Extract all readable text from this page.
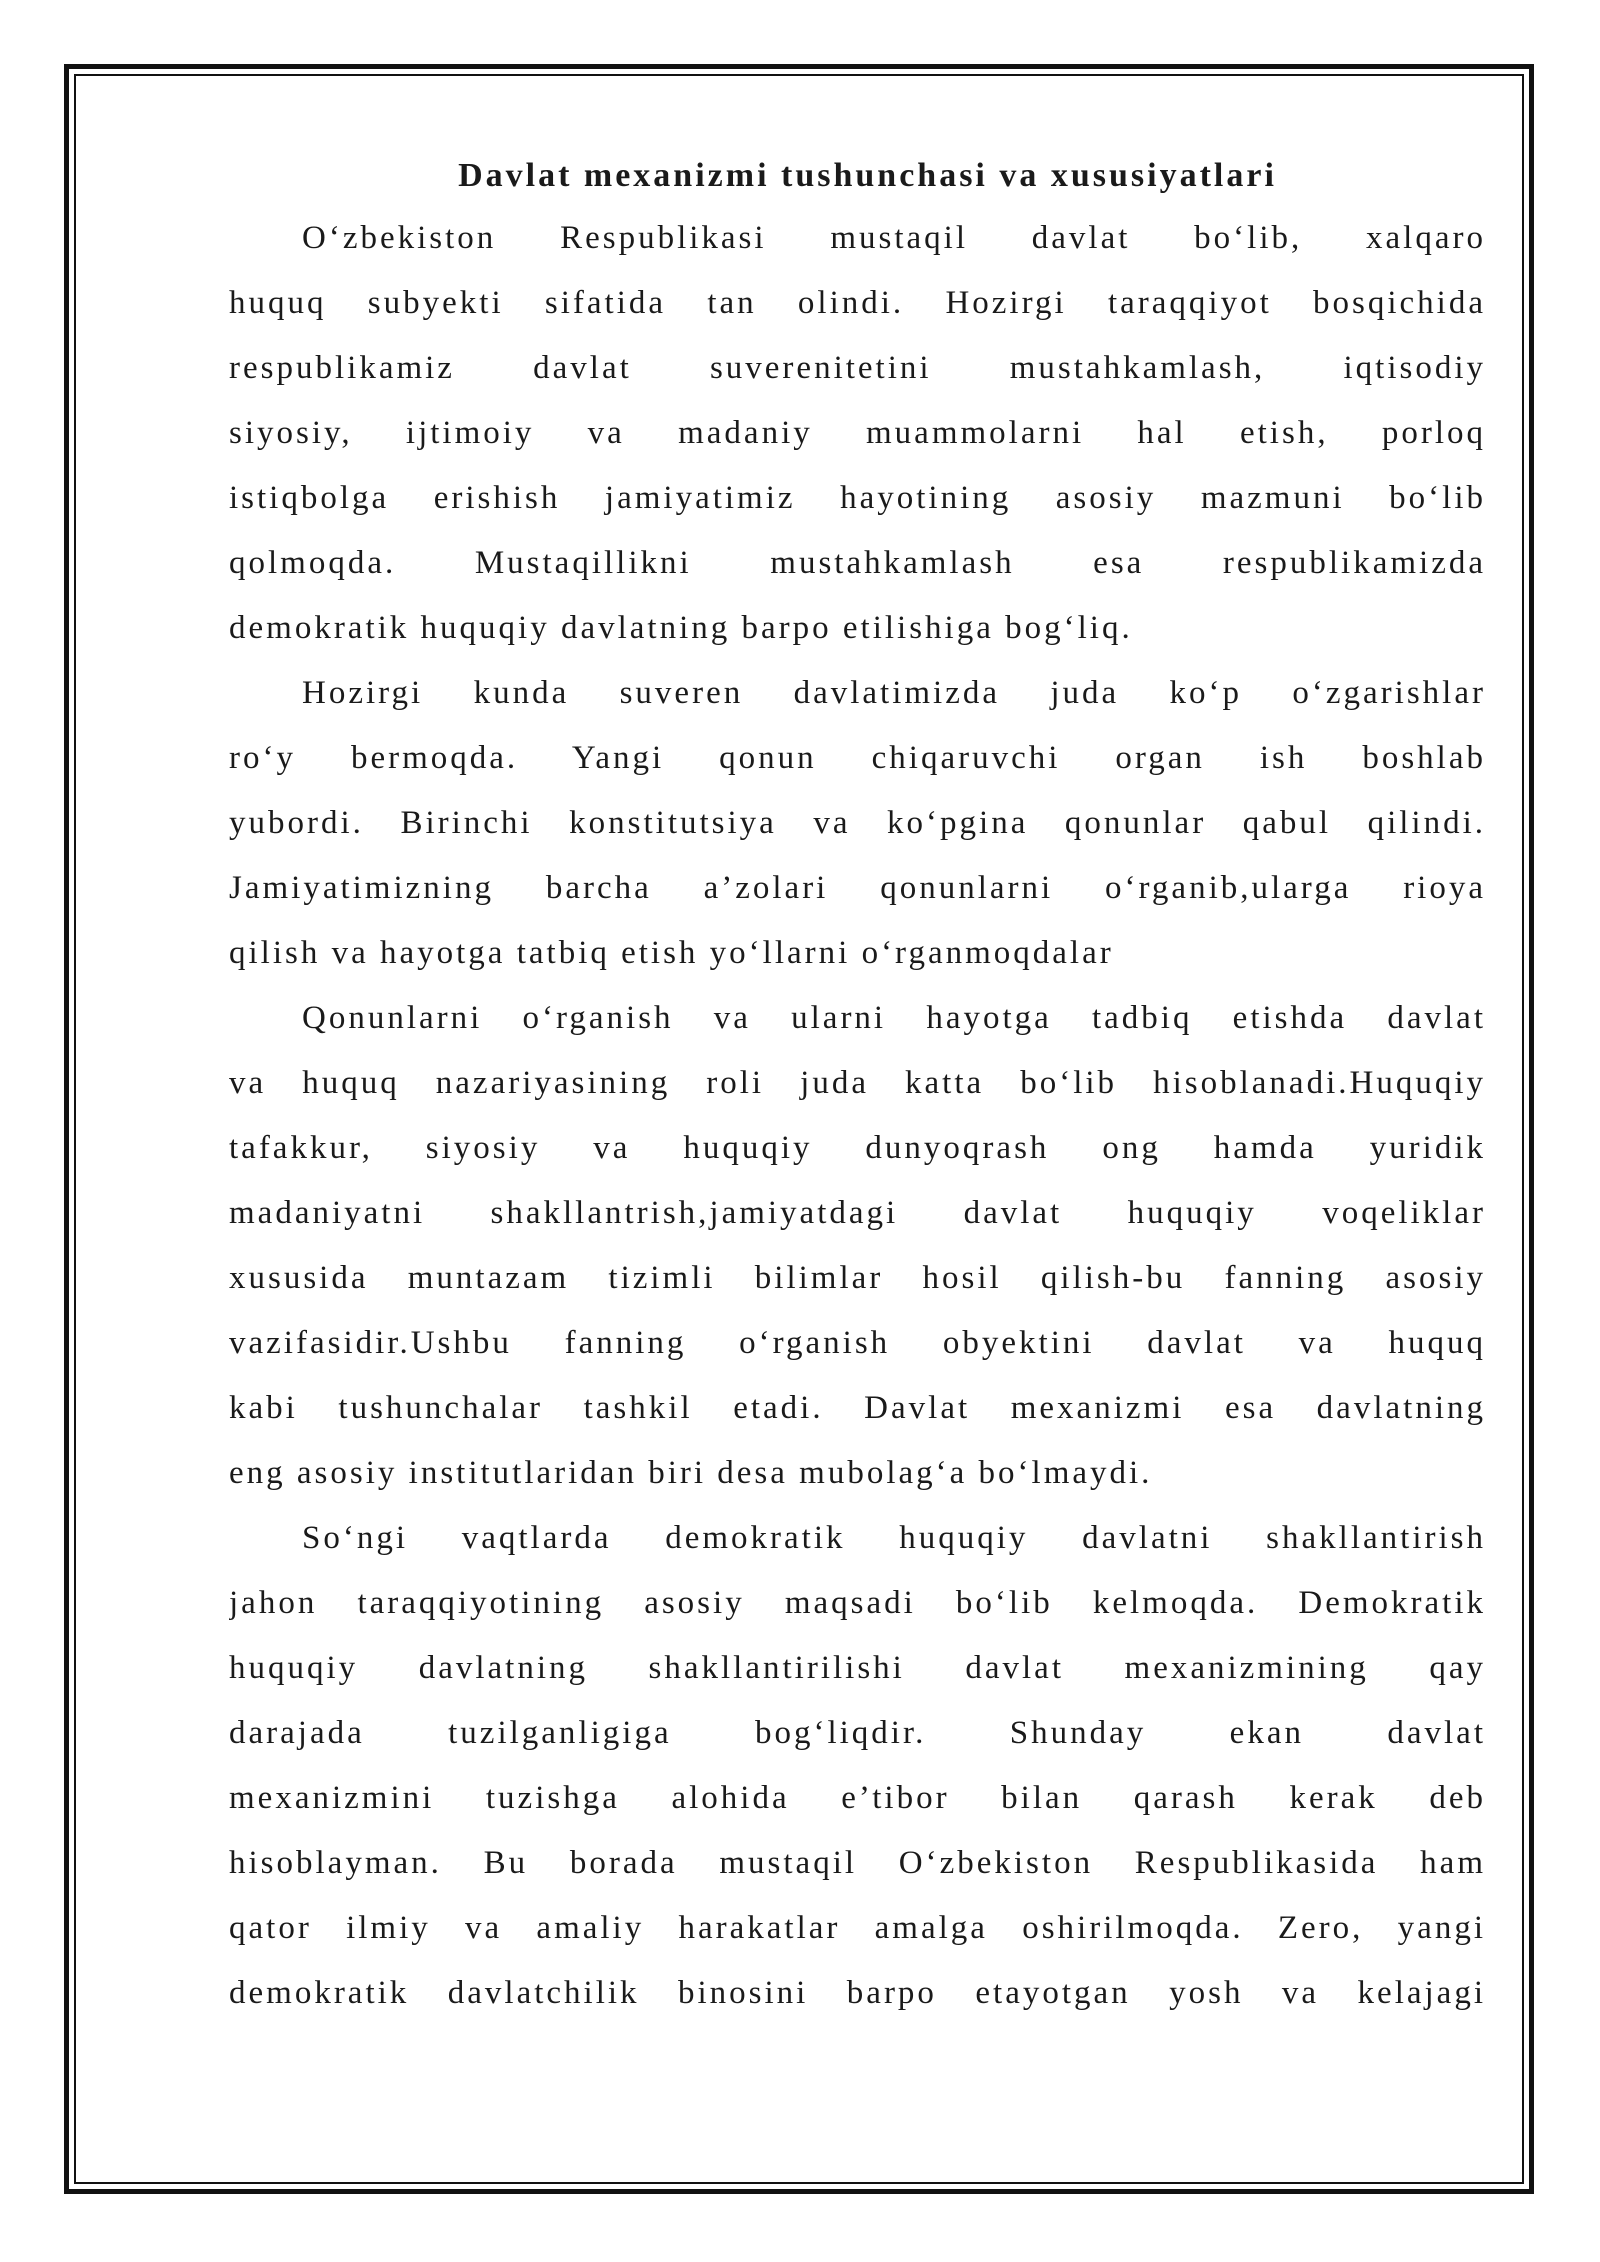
Davlat mexanizmi tushunchasi va xususiyatlari
O‘zbekiston Respublikasi mustaqil davlat bo‘lib, xalqaro
huquq subyekti sifatida tan olindi. Hozirgi taraqqiyot bosqichida
respublikamiz davlat suverenitetini mustahkamlash, iqtisodiy
siyosiy, ijtimoiy va madaniy muammolarni hal etish, porloq
istiqbolga erishish jamiyatimiz hayotining asosiy mazmuni bo‘lib
qolmoqda. Mustaqillikni mustahkamlash esa respublikamizda
demokratik huquqiy davlatning barpo etilishiga bog‘liq.
Hozirgi kunda suveren davlatimizda juda ko‘p o‘zgarishlar
ro‘y bermoqda. Yangi qonun chiqaruvchi organ ish boshlab
yubordi. Birinchi konstitutsiya va ko‘pgina qonunlar qabul qilindi.
Jamiyatimizning barcha a’zolari qonunlarni o‘rganib,ularga rioya
qilish va hayotga tatbiq etish yo‘llarni o‘rganmoqdalar
Qonunlarni o‘rganish va ularni hayotga tadbiq etishda davlat
va huquq nazariyasining roli juda katta bo‘lib hisoblanadi.Huquqiy
tafakkur, siyosiy va huquqiy dunyoqrash ong hamda yuridik
madaniyatni shakllantrish,jamiyatdagi davlat huquqiy voqeliklar
xususida muntazam tizimli bilimlar hosil qilish-bu fanning asosiy
vazifasidir.Ushbu fanning o‘rganish obyektini davlat va huquq
kabi tushunchalar tashkil etadi. Davlat mexanizmi esa davlatning
eng asosiy institutlaridan biri desa mubolag‘a bo‘lmaydi.
So‘ngi vaqtlarda demokratik huquqiy davlatni shakllantirish
jahon taraqqiyotining asosiy maqsadi bo‘lib kelmoqda. Demokratik
huquqiy davlatning shakllantirilishi davlat mexanizmining qay
darajada tuzilganligiga bog‘liqdir. Shunday ekan davlat
mexanizmini tuzishga alohida e’tibor bilan qarash kerak deb
hisoblayman. Bu borada mustaqil O‘zbekiston Respublikasida ham
qator ilmiy va amaliy harakatlar amalga oshirilmoqda. Zero, yangi
demokratik davlatchilik binosini barpo etayotgan yosh va kelajagi
